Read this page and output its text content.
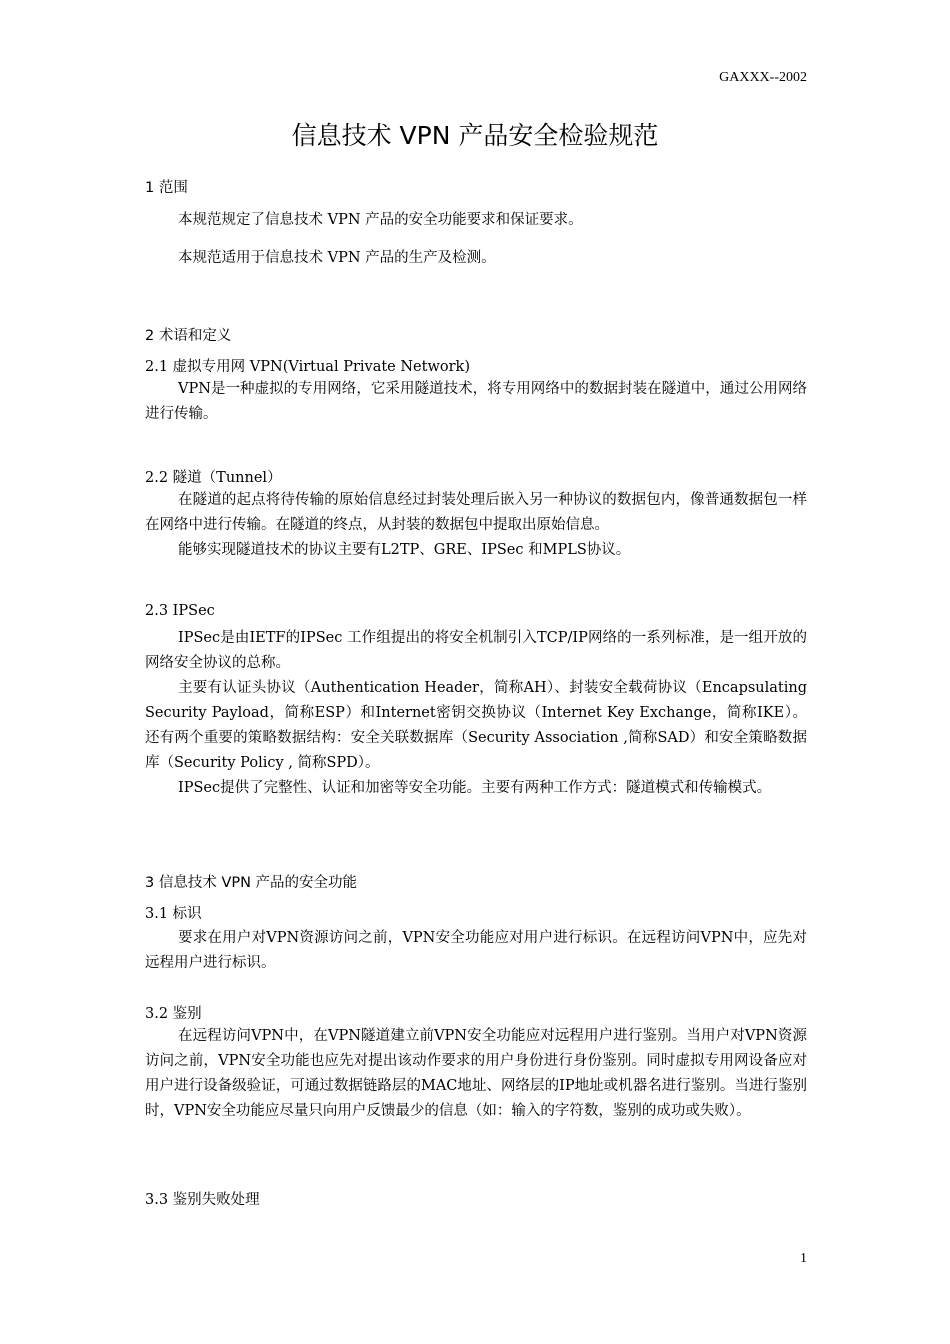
GAXXX--2002
信息技术 VPN 产品安全检验规范
1 范围
本规范规定了信息技术 VPN 产品的安全功能要求和保证要求。
本规范适用于信息技术 VPN 产品的生产及检测。
2 术语和定义
2.1 虚拟专用网 VPN(Virtual Private Network)
VPN是一种虚拟的专用网络，它采用隧道技术，将专用网络中的数据封装在隧道中，通过公用网络进行传输。
2.2 隧道（Tunnel）
在隧道的起点将待传输的原始信息经过封装处理后嵌入另一种协议的数据包内，像普通数据包一样在网络中进行传输。在隧道的终点，从封装的数据包中提取出原始信息。
能够实现隧道技术的协议主要有L2TP、GRE、IPSec 和MPLS协议。
2.3 IPSec
IPSec是由IETF的IPSec 工作组提出的将安全机制引入TCP/IP网络的一系列标准，是一组开放的网络安全协议的总称。
主要有认证头协议（Authentication Header，简称AH）、封装安全载荷协议（Encapsulating Security Payload，简称ESP）和Internet密钥交换协议（Internet Key Exchange，简称IKE）。还有两个重要的策略数据结构：安全关联数据库（Security Association ,简称SAD）和安全策略数据库（Security Policy , 简称SPD）。
IPSec提供了完整性、认证和加密等安全功能。主要有两种工作方式：隧道模式和传输模式。
3 信息技术 VPN 产品的安全功能
3.1 标识
要求在用户对VPN资源访问之前，VPN安全功能应对用户进行标识。在远程访问VPN中，应先对远程用户进行标识。
3.2 鉴别
在远程访问VPN中，在VPN隧道建立前VPN安全功能应对远程用户进行鉴别。当用户对VPN资源访问之前，VPN安全功能也应先对提出该动作要求的用户身份进行身份鉴别。同时虚拟专用网设备应对用户进行设备级验证，可通过数据链路层的MAC地址、网络层的IP地址或机器名进行鉴别。当进行鉴别时，VPN安全功能应尽量只向用户反馈最少的信息（如：输入的字符数，鉴别的成功或失败）。
3.3 鉴别失败处理
1
